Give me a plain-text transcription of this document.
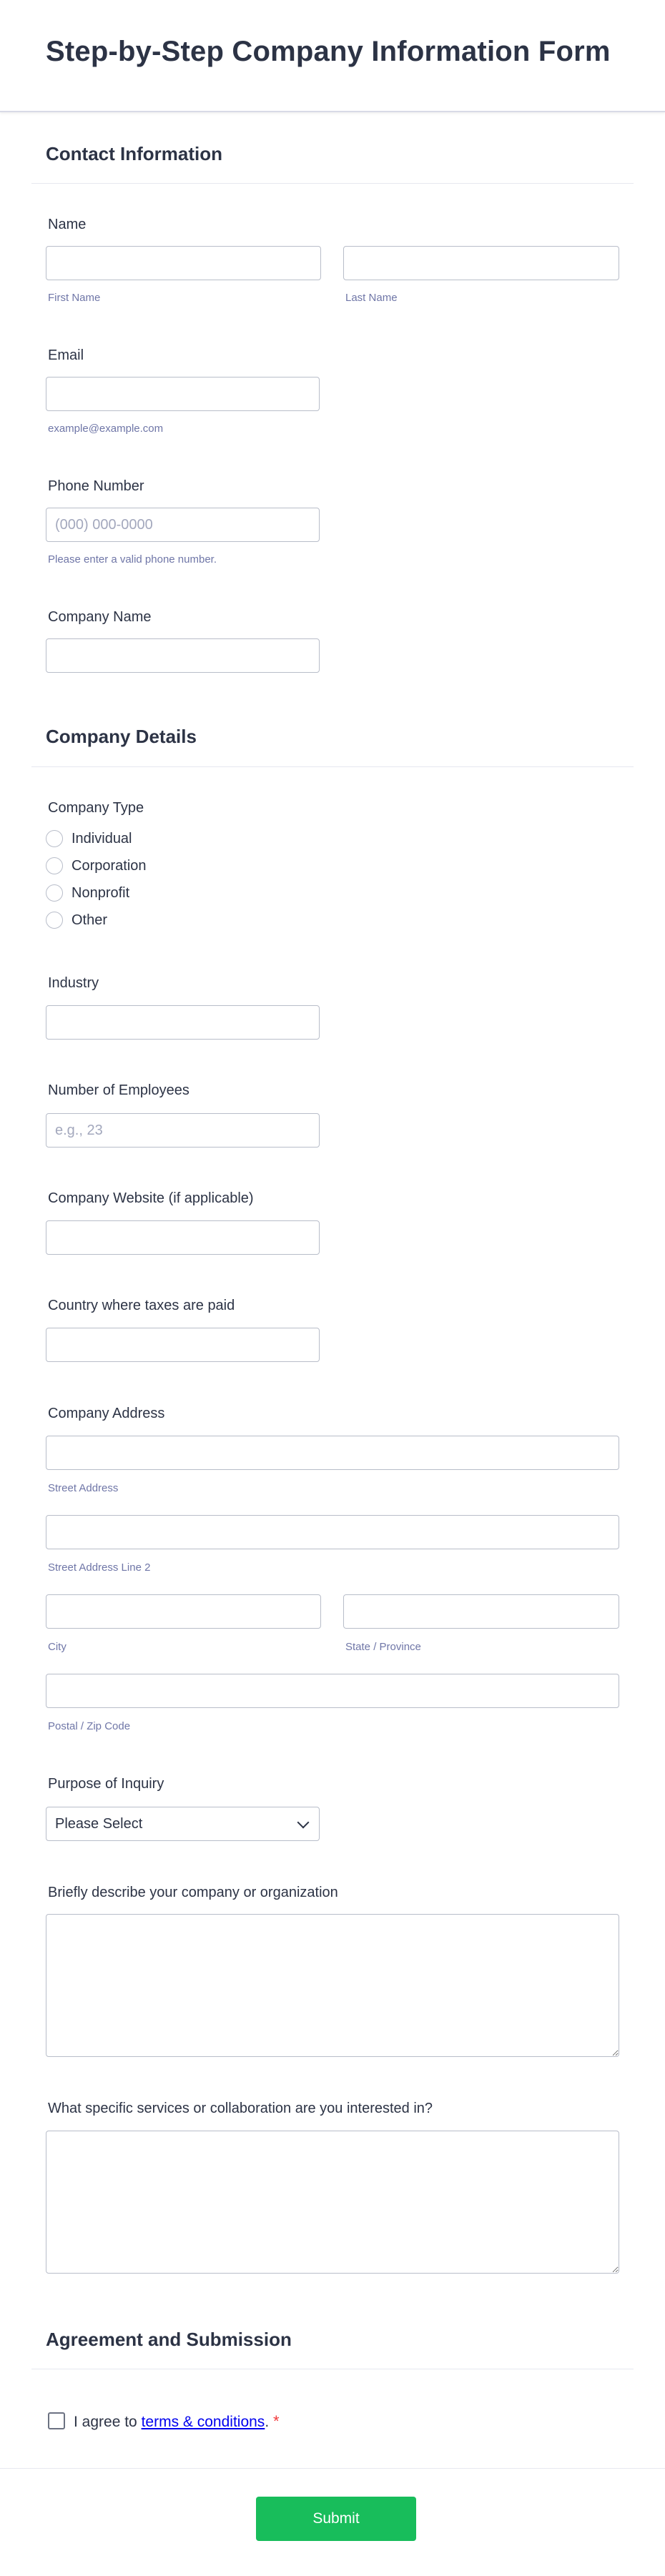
Step-by-Step Company Information Form
Contact Information
Name
First Name	Last Name
Email
example@example.com
Phone Number
(000) 000-0000
Please enter a valid phone number.
Company Name
Company Details
Company Type
Individual
Corporation
Nonprofit
Other
Industry
Number of Employees
e.g., 23
Company Website (if applicable)
Country where taxes are paid
Company Address
Street Address
Street Address Line 2
City	State / Province
Postal / Zip Code
Purpose of Inquiry
Please Select
Briefly describe your company or organization
What specific services or collaboration are you interested in?
Agreement and Submission
I agree to terms & conditions. *
Submit
